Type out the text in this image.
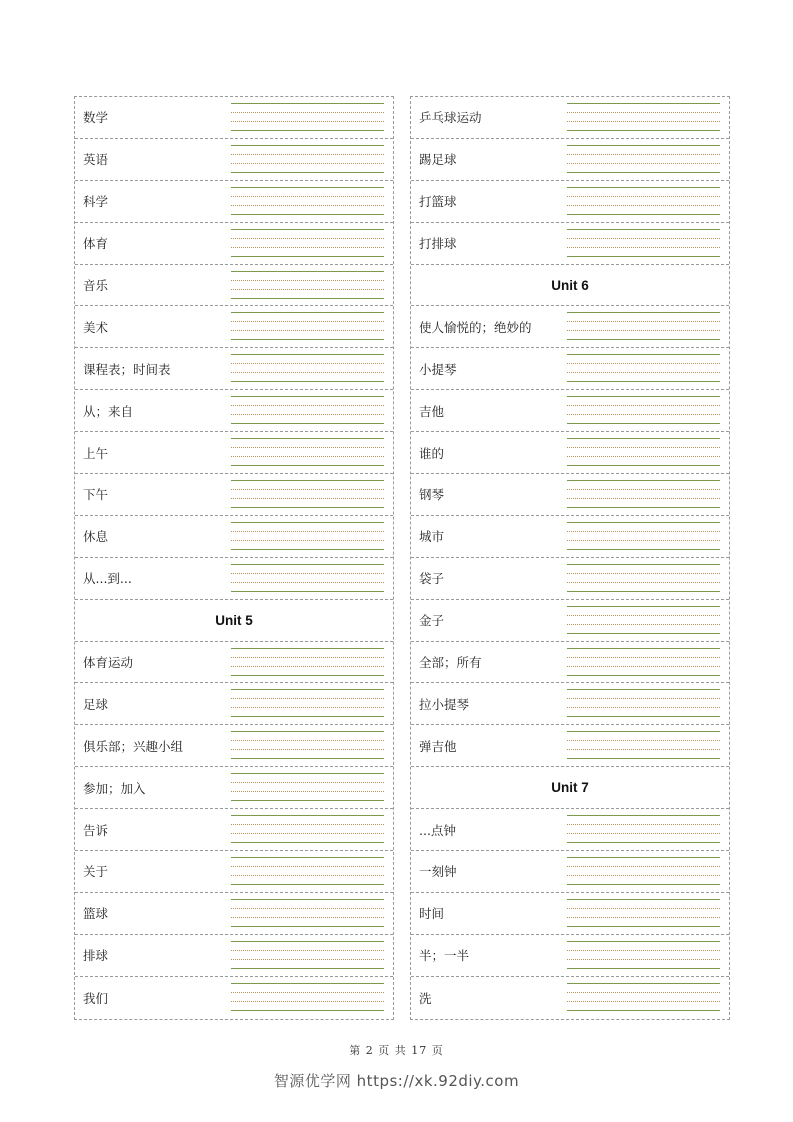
数学
英语
科学
体育
音乐
美术
课程表；时间表
从；来自
上午
下午
休息
从...到...
Unit 5
体育运动
足球
俱乐部；兴趣小组
参加；加入
告诉
关于
篮球
排球
我们
乒乓球运动
踢足球
打篮球
打排球
Unit 6
使人愉悦的；绝妙的
小提琴
吉他
谁的
钢琴
城市
袋子
金子
全部；所有
拉小提琴
弹吉他
Unit 7
...点钟
一刻钟
时间
半；一半
洗
第 2 页 共 17 页
智源优学网 https://xk.92diy.com
